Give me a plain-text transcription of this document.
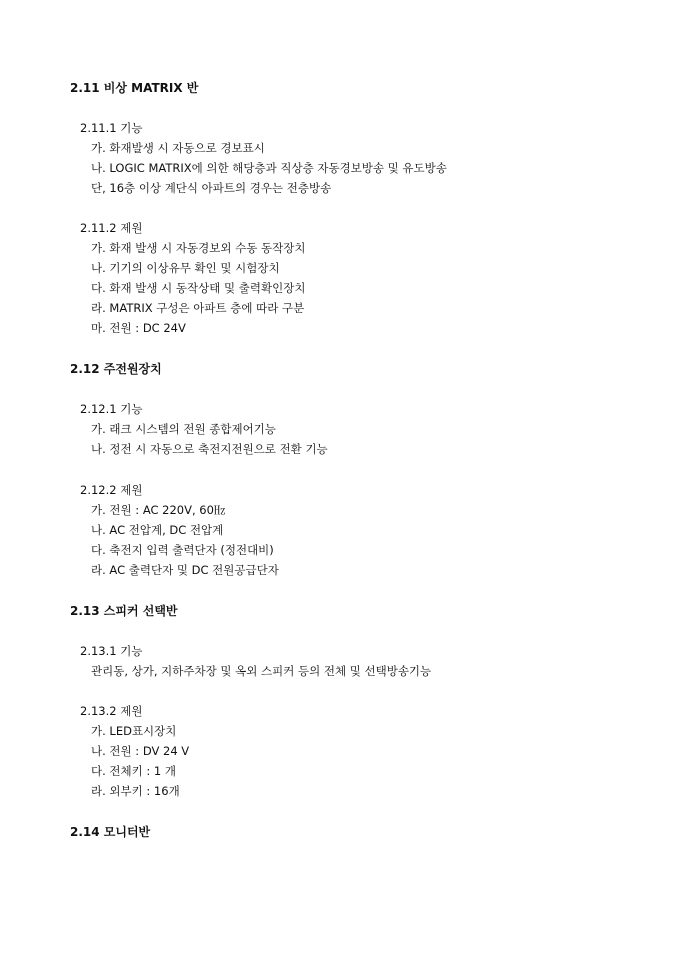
2.11 비상 MATRIX 반
2.11.1 기능
가. 화재발생 시 자동으로 경보표시
나. LOGIC MATRIX에 의한 해당층과 직상층 자동경보방송 및 유도방송
단, 16층 이상 계단식 아파트의 경우는 전층방송
2.11.2 제원
가. 화재 발생 시 자동경보외 수동 동작장치
나. 기기의 이상유무 확인 및 시험장치
다. 화재 발생 시 동작상태 및 출력확인장치
라. MATRIX 구성은 아파트 층에 따라 구분
마. 전원 : DC 24V
2.12 주전원장치
2.12.1 기능
가. 래크 시스템의 전원 종합제어기능
나. 정전 시 자동으로 축전지전원으로 전환 기능
2.12.2 제원
가. 전원 : AC 220V, 60㎐
나. AC 전압계, DC 전압계
다. 축전지 입력 출력단자 (정전대비)
라. AC 출력단자 및 DC 전원공급단자
2.13 스피커 선택반
2.13.1 기능
관리동, 상가, 지하주차장 및 옥외 스피커 등의 전체 및 선택방송기능
2.13.2 제원
가. LED표시장치
나. 전원 : DV 24 V
다. 전체키 : 1 개
라. 외부키 : 16개
2.14 모니터반
